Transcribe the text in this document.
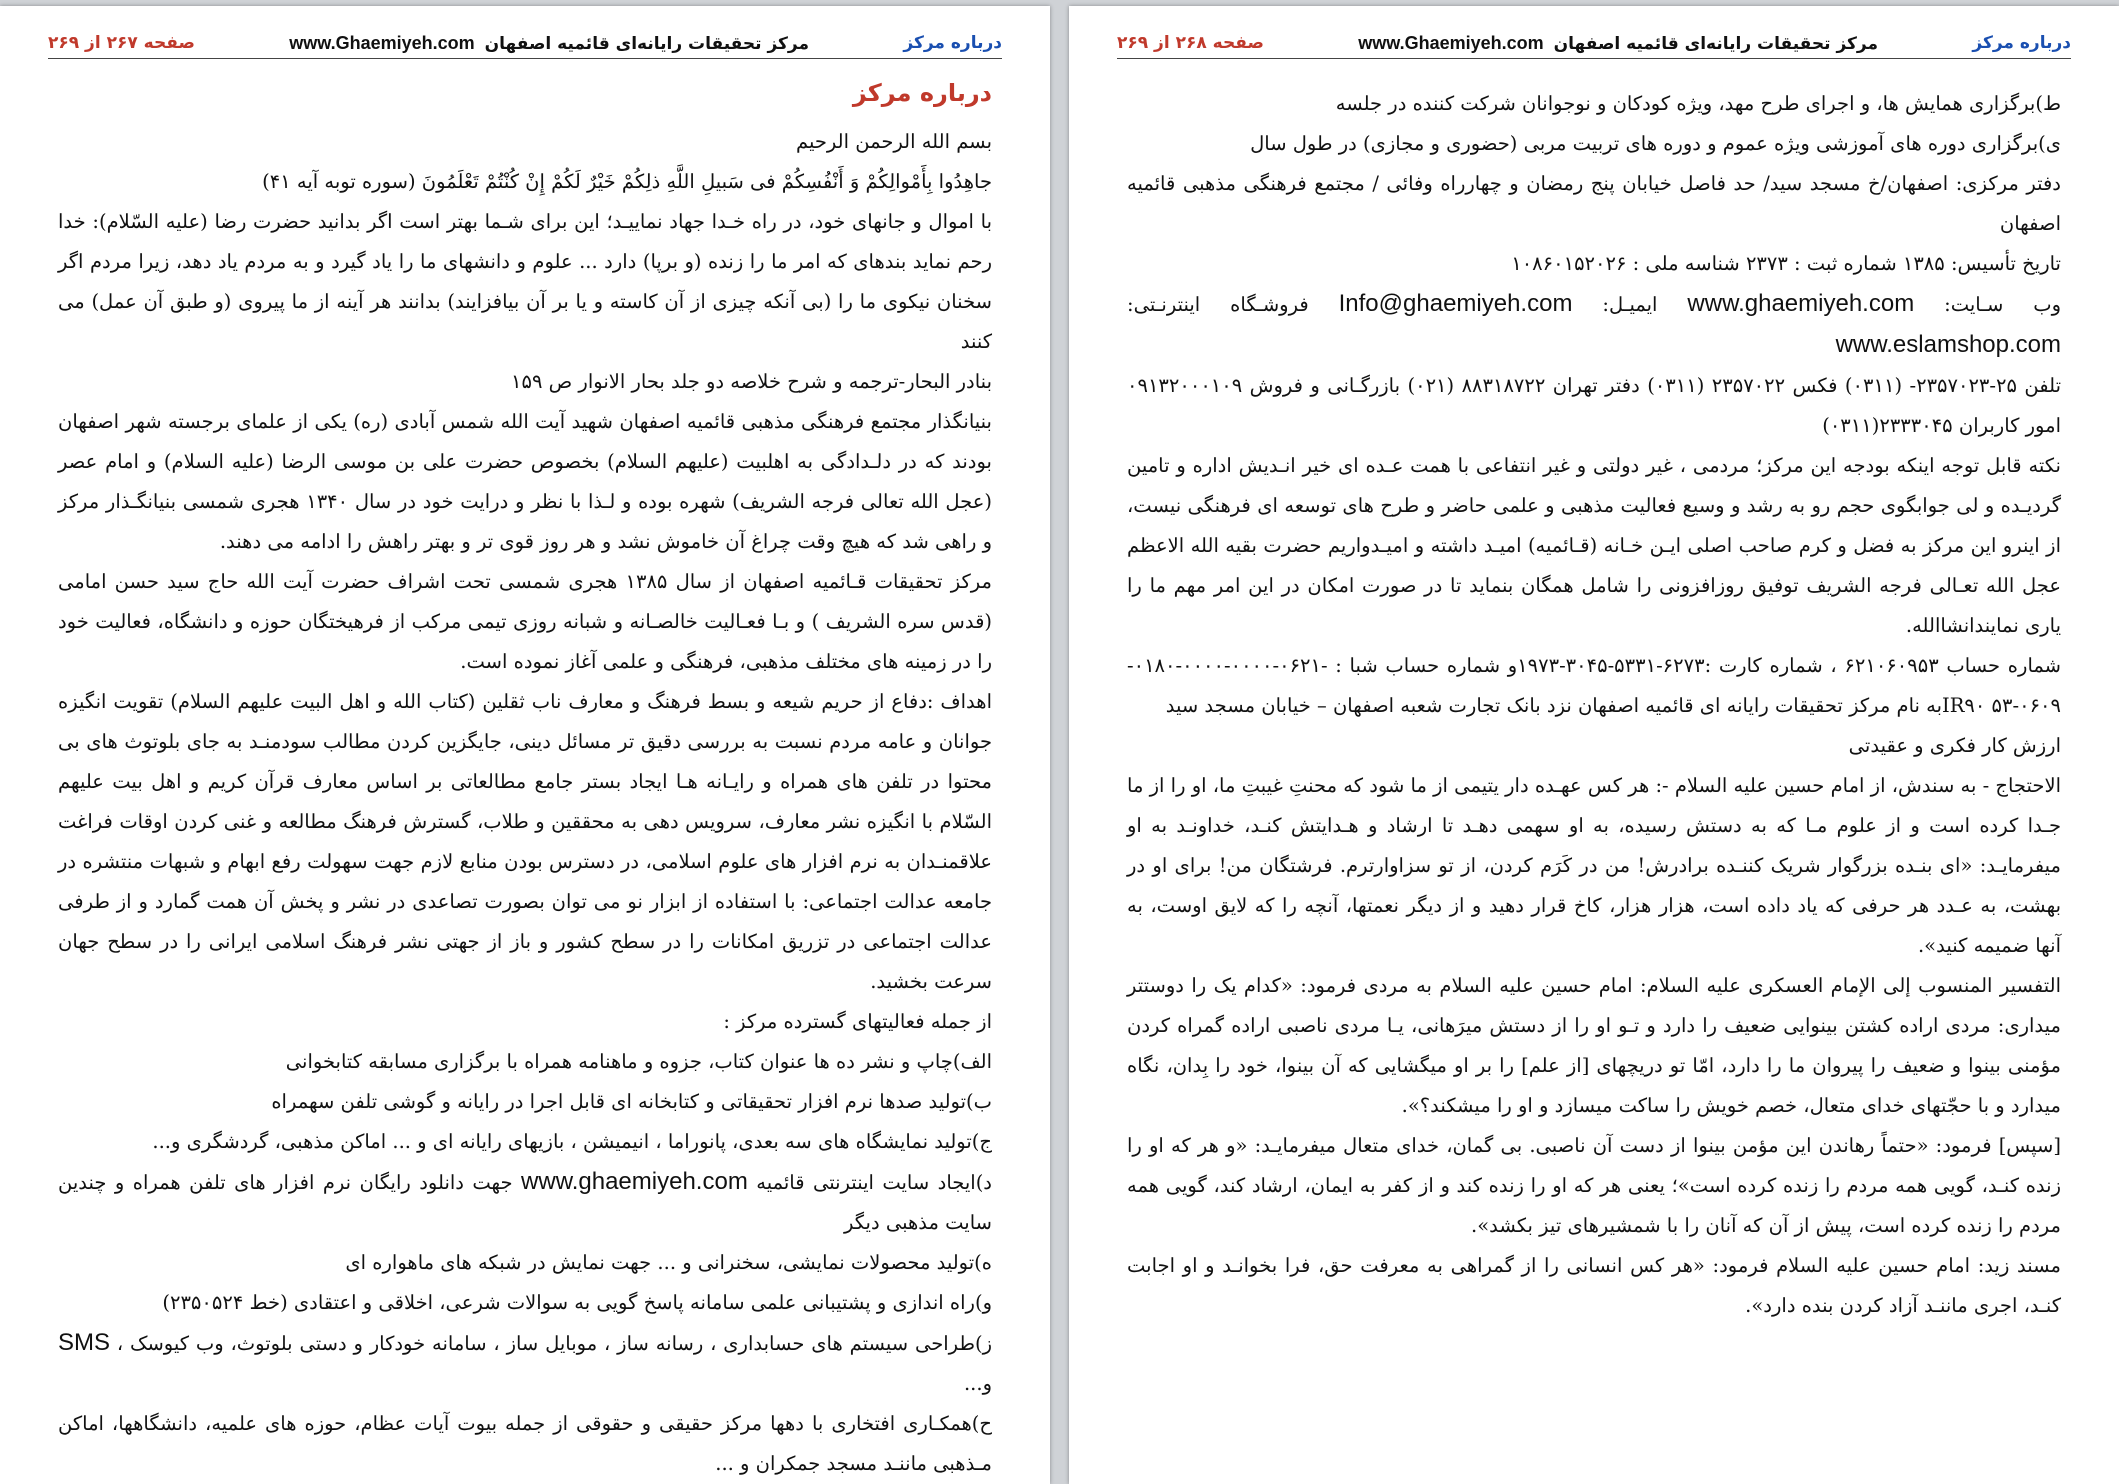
صفحه ۲۶۷ از ۲۶۹	www.Ghaemiyeh.com مرکز تحقیقات رایانه‌ای قائمیه اصفهان	درباره مرکز

درباره مرکز

بسم الله الرحمن الرحیم

جاهِدُوا بِأَمْوالِکُمْ وَ أَنْفُسِکُمْ فی سَبیلِ اللَّهِ ذلِکُمْ خَیْرٌ لَکُمْ إِنْ کُنْتُمْ تَعْلَمُونَ (سوره توبه آیه ۴۱)

با اموال و جانهای خود، در راه خـدا جهاد نماییـد؛ این برای شـما بهتر است اگر بدانید حضرت رضا (علیه السّلام): خدا رحم نماید بندهای که امر ما را زنده (و برپا) دارد ... علوم و دانشهای ما را یاد گیرد و به مردم یاد دهد، زیرا مردم اگر سخنان نیکوی ما را (بی آنکه چیزی از آن کاسته و یا بر آن بیافزایند) بدانند هر آینه از ما پیروی (و طبق آن عمل) می کنند

بنادر البحار-ترجمه و شرح خلاصه دو جلد بحار الانوار ص ۱۵۹

بنیانگذار مجتمع فرهنگی مذهبی قائمیه اصفهان شهید آیت الله شمس آبادی (ره) یکی از علمای برجسته شهر اصفهان بودند که در دلـدادگی به اهلبیت (علیهم السلام) بخصوص حضرت علی بن موسی الرضا (علیه السلام) و امام عصر (عجل الله تعالی فرجه الشریف) شهره بوده و لـذا با نظر و درایت خود در سال ۱۳۴۰ هجری شمسی بنیانگـذار مرکز و راهی شد که هیچ وقت چراغ آن خاموش نشد و هر روز قوی تر و بهتر راهش را ادامه می دهند.

مرکز تحقیقات قـائمیه اصفهان از سال ۱۳۸۵ هجری شمسی تحت اشراف حضرت آیت الله حاج سید حسن امامی (قدس سره الشریف ) و بـا فعـالیت خالصـانه و شبانه روزی تیمی مرکب از فرهیختگان حوزه و دانشگاه، فعالیت خود را در زمینه های مختلف مذهبی، فرهنگی و علمی آغاز نموده است.

اهداف :دفاع از حریم شیعه و بسط فرهنگ و معارف ناب ثقلین (کتاب الله و اهل البیت علیهم السلام) تقویت انگیزه جوانان و عامه مردم نسبت به بررسی دقیق تر مسائل دینی، جایگزین کردن مطالب سودمنـد به جای بلوتوث های بی محتوا در تلفن های همراه و رایـانه هـا ایجاد بستر جامع مطالعاتی بر اساس معارف قرآن کریم و اهل بیت علیهم السّلام با انگیزه نشر معارف، سرویس دهی به محققین و طلاب، گسترش فرهنگ مطالعه و غنی کردن اوقات فراغت علاقمنـدان به نرم افزار های علوم اسلامی، در دسترس بودن منابع لازم جهت سهولت رفع ابهام و شبهات منتشره در جامعه عدالت اجتماعی: با استفاده از ابزار نو می توان بصورت تصاعدی در نشر و پخش آن همت گمارد و از طرفی عدالت اجتماعی در تزریق امکانات را در سطح کشور و باز از جهتی نشر فرهنگ اسلامی ایرانی را در سطح جهان سرعت بخشید.

از جمله فعالیتهای گسترده مرکز :

الف)چاپ و نشر ده ها عنوان کتاب، جزوه و ماهنامه همراه با برگزاری مسابقه کتابخوانی

ب)تولید صدها نرم افزار تحقیقاتی و کتابخانه ای قابل اجرا در رایانه و گوشی تلفن سهمراه

ج)تولید نمایشگاه های سه بعدی، پانوراما ، انیمیشن ، بازیهای رایانه ای و ... اماکن مذهبی، گردشگری و...

د)ایجاد سایت اینترنتی قائمیه www.ghaemiyeh.com جهت دانلود رایگان نرم افزار های تلفن همراه و چندین سایت مذهبی دیگر

ه)تولید محصولات نمایشی، سخنرانی و ... جهت نمایش در شبکه های ماهواره ای

و)راه اندازی و پشتیبانی علمی سامانه پاسخ گویی به سوالات شرعی، اخلاقی و اعتقادی (خط ۲۳۵۰۵۲۴)

ز)طراحی سیستم های حسابداری ، رسانه ساز ، موبایل ساز ، سامانه خودکار و دستی بلوتوث، وب کیوسک ، SMS و...

ح)همکـاری افتخاری با دهها مرکز حقیقی و حقوقی از جمله بیوت آیات عظام، حوزه های علمیه، دانشگاهها، اماکن مـذهبی ماننـد مسجد جمکران و ...

صفحه ۲۶۸ از ۲۶۹	www.Ghaemiyeh.com مرکز تحقیقات رایانه‌ای قائمیه اصفهان	درباره مرکز

ط)برگزاری همایش ها، و اجرای طرح مهد، ویژه کودکان و نوجوانان شرکت کننده در جلسه

ی)برگزاری دوره های آموزشی ویژه عموم و دوره های تربیت مربی (حضوری و مجازی) در طول سال

دفتر مرکزی: اصفهان/خ مسجد سید/ حد فاصل خیابان پنج رمضان و چهارراه وفائی / مجتمع فرهنگی مذهبی قائمیه اصفهان

تاریخ تأسیس: ۱۳۸۵ شماره ثبت : ۲۳۷۳ شناسه ملی : ۱۰۸۶۰۱۵۲۰۲۶

وب سـایت: www.ghaemiyeh.com ایمیـل: Info@ghaemiyeh.com فروشـگاه اینترنـتی: www.eslamshop.com

تلفن ۲۵-۲۳۵۷۰۲۳- (۰۳۱۱) فکس ۲۳۵۷۰۲۲ (۰۳۱۱) دفتر تهران ۸۸۳۱۸۷۲۲ (۰۲۱) بازرگـانی و فروش ۰۹۱۳۲۰۰۰۱۰۹ امور کاربران ۲۳۳۳۰۴۵(۰۳۱۱)

نکته قابل توجه اینکه بودجه این مرکز؛ مردمی ، غیر دولتی و غیر انتفاعی با همت عـده ای خیر انـدیش اداره و تامین گردیـده و لی جوابگوی حجم رو به رشد و وسیع فعالیت مذهبی و علمی حاضر و طرح های توسعه ای فرهنگی نیست، از اینرو این مرکز به فضل و کرم صاحب اصلی ایـن خـانه (قـائمیه) امیـد داشته و امیـدواریم حضرت بقیه الله الاعظم عجل الله تعـالی فرجه الشریف توفیق روزافزونی را شامل همگان بنماید تا در صورت امکان در این امر مهم ما را یاری نمایندانشاالله.

شماره حساب ۶۲۱۰۶۰۹۵۳ ، شماره کارت :۶۲۷۳-۵۳۳۱-۳۰۴۵-۱۹۷۳و شماره حساب شبا : -۰۶۲۱-۰۰۰۰-۰۰۰۰-۰۱۸۰-IR۹۰ ۵۳-۰۶۰۹به نام مرکز تحقیقات رایانه ای قائمیه اصفهان نزد بانک تجارت شعبه اصفهان – خیابان مسجد سید

ارزش کار فکری و عقیدتی

الاحتجاج - به سندش، از امام حسین علیه السلام -: هر کس عهـده دار یتیمی از ما شود که محنتِ غیبتِ ما، او را از ما جـدا کرده است و از علوم مـا که به دستش رسیده، به او سهمی دهـد تا ارشاد و هـدایتش کنـد، خداونـد به او میفرمایـد: «ای بنـده بزرگوار شریک کننـده برادرش! من در کَرَم کردن، از تو سزاوارترم. فرشتگان من! برای او در بهشت، به عـدد هر حرفی که یاد داده است، هزار هزار، کاخ قرار دهید و از دیگر نعمتها، آنچه را که لایق اوست، به آنها ضمیمه کنید».

التفسیر المنسوب إلی الإمام العسکری علیه السلام: امام حسین علیه السلام به مردی فرمود: «کدام یک را دوستتر میداری: مردی اراده کشتن بینوایی ضعیف را دارد و تـو او را از دستش میرَهانی، یـا مردی ناصبی اراده گمراه کردن مؤمنی بینوا و ضعیف را پیروان ما را دارد، امّا تو دریچهای [از علم] را بر او میگشایی که آن بینوا، خود را بِدان، نگاه میدارد و با حجّتهای خدای متعال، خصم خویش را ساکت میسازد و او را میشکند؟».

[سپس] فرمود: «حتماً رهاندن این مؤمن بینوا از دست آن ناصبی. بی گمان، خدای متعال میفرمایـد: «و هر که او را زنده کنـد، گویی همه مردم را زنده کرده است»؛ یعنی هر که او را زنده کند و از کفر به ایمان، ارشاد کند، گویی همه مردم را زنده کرده است، پیش از آن که آنان را با شمشیرهای تیز بکشد».

مسند زید: امام حسین علیه السلام فرمود: «هر کس انسانی را از گمراهی به معرفت حق، فرا بخوانـد و او اجابت کنـد، اجری ماننـد آزاد کردن بنده دارد».
